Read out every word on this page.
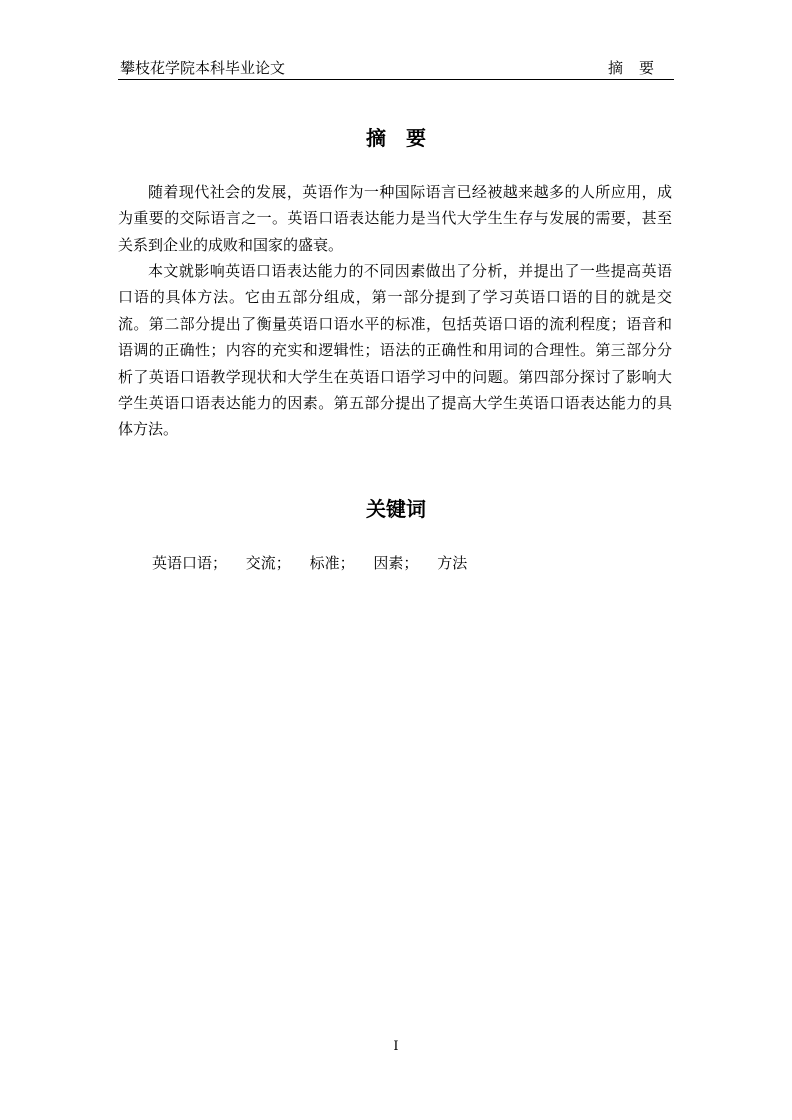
攀枝花学院本科毕业论文	摘要
摘要

随着现代社会的发展，英语作为一种国际语言已经被越来越多的人所应用，成为重要的交际语言之一。英语口语表达能力是当代大学生生存与发展的需要，甚至关系到企业的成败和国家的盛衰。

本文就影响英语口语表达能力的不同因素做出了分析，并提出了一些提高英语口语的具体方法。它由五部分组成，第一部分提到了学习英语口语的目的就是交流。第二部分提出了衡量英语口语水平的标准，包括英语口语的流利程度；语音和语调的正确性；内容的充实和逻辑性；语法的正确性和用词的合理性。第三部分分析了英语口语教学现状和大学生在英语口语学习中的问题。第四部分探讨了影响大学生英语口语表达能力的因素。第五部分提出了提高大学生英语口语表达能力的具体方法。

关键词
英语口语； 交流； 标准； 因素； 方法
I
